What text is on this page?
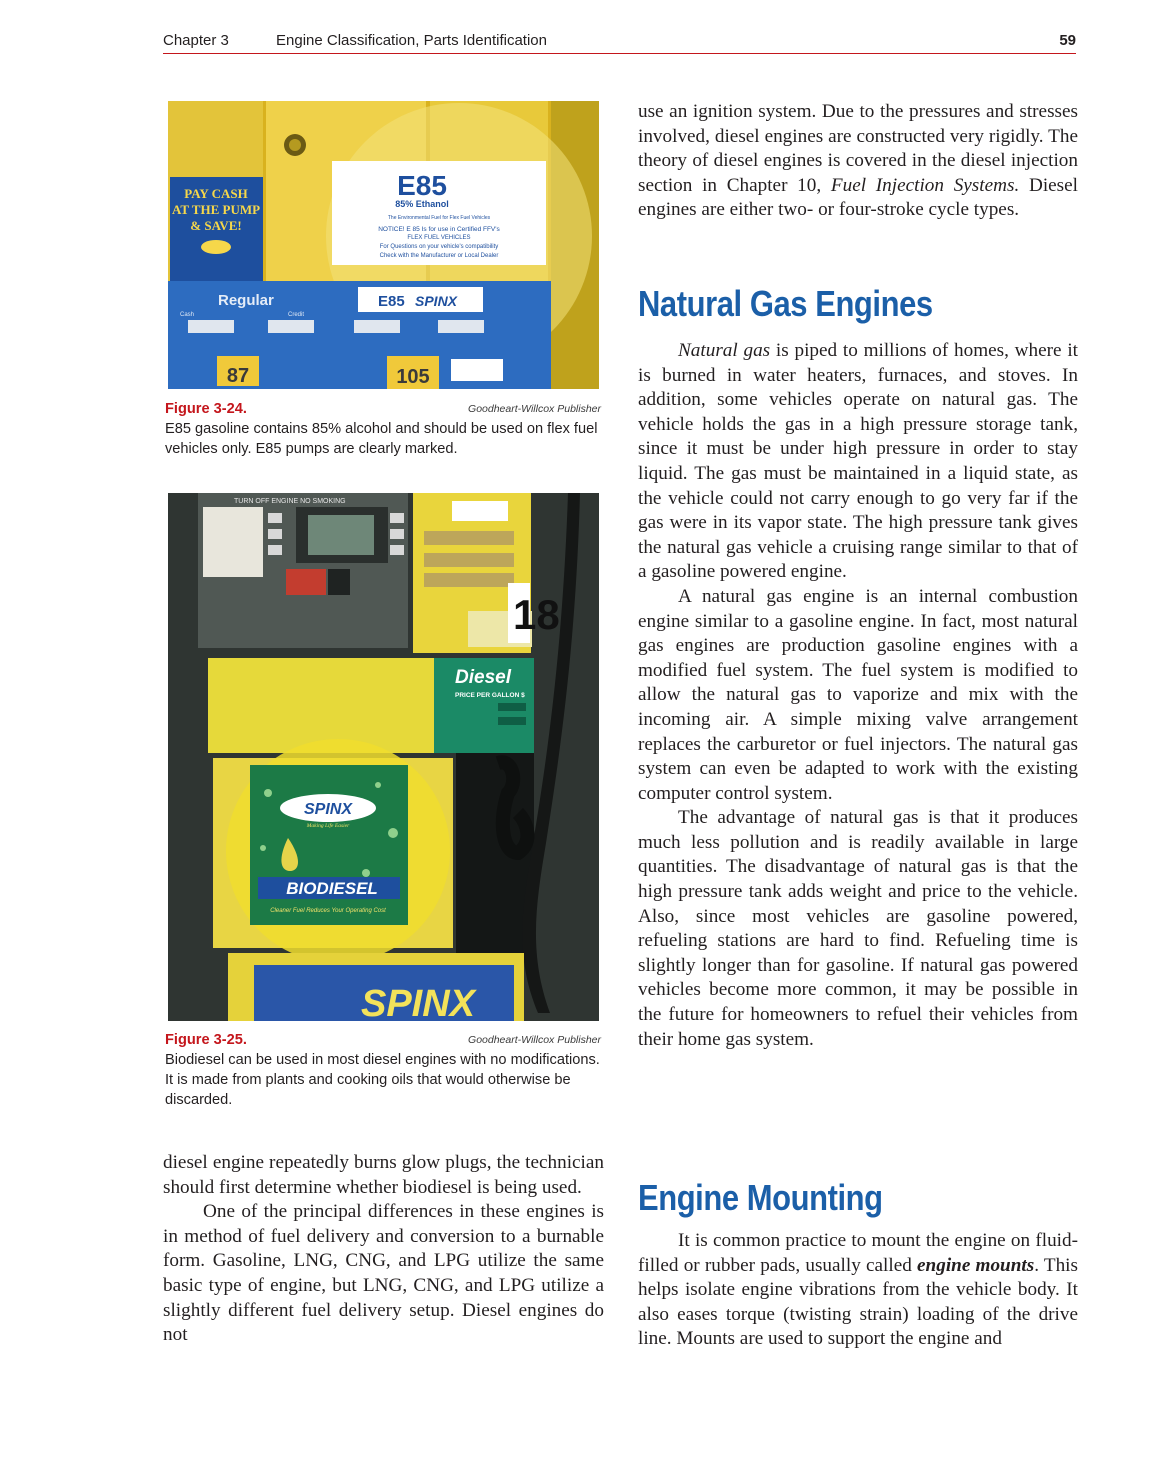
Chapter 3	Engine Classification, Parts Identification	59
PAY CASH
AT THE PUMP
& SAVE!
E85
85% Ethanol
The Environmental Fuel for Flex Fuel Vehicles
NOTICE! E 85 Is for use in Certified FFV's
FLEX FUEL VEHICLES
For Questions on your vehicle's compatibility
Check with the Manufacturer or Local Dealer
Regular
Cash	Credit
E85 SPINX
87	105
Figure 3-24.	Goodheart-Willcox Publisher
E85 gasoline contains 85% alcohol and should be used on flex fuel vehicles only. E85 pumps are clearly marked.
TURN OFF ENGINE NO SMOKING
18
Diesel
PRICE PER GALLON $
SPINX
Making Life Easier
BIODIESEL
Cleaner Fuel Reduces Your Operating Cost
SPINX
Figure 3-25.	Goodheart-Willcox Publisher
Biodiesel can be used in most diesel engines with no modifications. It is made from plants and cooking oils that would otherwise be discarded.

use an ignition system. Due to the pressures and stresses involved, diesel engines are constructed very rigidly. The theory of diesel engines is covered in the diesel injection section in Chapter 10, Fuel Injection Systems. Diesel engines are either two- or four-stroke cycle types.

Natural Gas Engines

Natural gas is piped to millions of homes, where it is burned in water heaters, furnaces, and stoves. In addition, some vehicles operate on natural gas. The vehicle holds the gas in a high pressure storage tank, since it must be under high pressure in order to stay liquid. The gas must be maintained in a liquid state, as the vehicle could not carry enough to go very far if the gas were in its vapor state. The high pressure tank gives the natural gas vehicle a cruising range similar to that of a gasoline powered engine.

A natural gas engine is an internal combustion engine similar to a gasoline engine. In fact, most natural gas engines are production gasoline engines with a modified fuel system. The fuel system is modified to allow the natural gas to vaporize and mix with the incoming air. A simple mixing valve arrangement replaces the carburetor or fuel injectors. The natural gas system can even be adapted to work with the existing computer control system.

The advantage of natural gas is that it produces much less pollution and is readily available in large quantities. The disadvantage of natural gas is that the high pressure tank adds weight and price to the vehicle. Also, since most vehicles are gasoline powered, refueling stations are hard to find. Refueling time is slightly longer than for gasoline. If natural gas powered vehicles become more common, it may be possible in the future for homeowners to refuel their vehicles from their home gas system.

Engine Mounting

It is common practice to mount the engine on fluid-filled or rubber pads, usually called engine mounts. This helps isolate engine vibrations from the vehicle body. It also eases torque (twisting strain) loading of the drive line. Mounts are used to support the engine and

diesel engine repeatedly burns glow plugs, the technician should first determine whether biodiesel is being used.

One of the principal differences in these engines is in method of fuel delivery and conversion to a burnable form. Gasoline, LNG, CNG, and LPG utilize the same basic type of engine, but LNG, CNG, and LPG utilize a slightly different fuel delivery setup. Diesel engines do not
